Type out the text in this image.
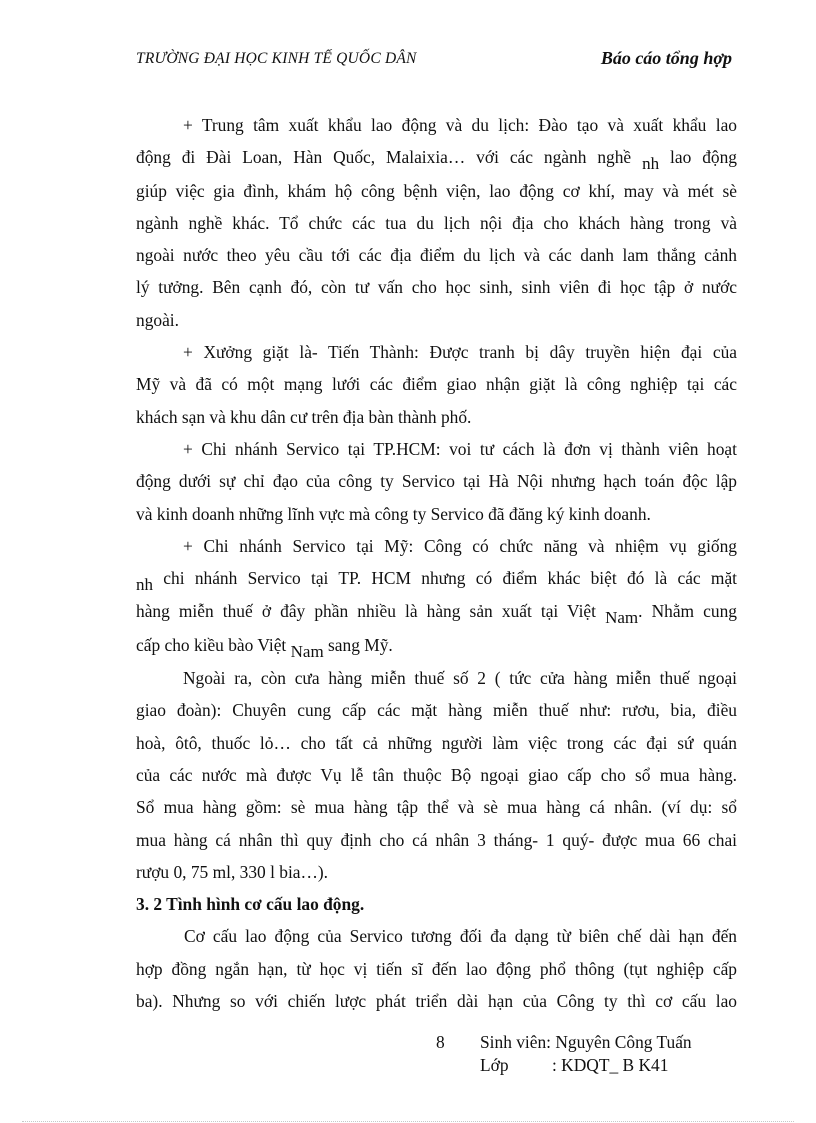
TRƯỜNG ĐẠI HỌC KINH TẾ QUỐC DÂN	Báo cáo tổng hợp
+ Trung tâm xuất khẩu lao động và du lịch: Đào tạo và xuất khẩu lao
động đi Đài Loan, Hàn Quốc, Malaixia… với các ngành nghề nh lao động
giúp việc gia đình, khám hộ công bệnh viện, lao động cơ khí, may và mét sè
ngành nghề khác. Tổ chức các tua du lịch nội địa cho khách hàng trong và
ngoài nước theo yêu cầu tới các địa điểm du lịch và các danh lam thắng cảnh
lý tưởng. Bên cạnh đó, còn tư vấn cho học sinh, sinh viên đi học tập ở nước
ngoài.
+ Xưởng giặt là- Tiến Thành: Được tranh bị dây truyền hiện đại của
Mỹ và đã có một mạng lưới các điểm giao nhận giặt là công nghiệp tại các
khách sạn và khu dân cư trên địa bàn thành phố.
+ Chi nhánh Servico tại TP.HCM: voi tư cách là đơn vị thành viên hoạt
động dưới sự chỉ đạo của công ty Servico tại Hà Nội nhưng hạch toán độc lập
và kinh doanh những lĩnh vực mà công ty Servico đã đăng ký kinh doanh.
+ Chi nhánh Servico tại Mỹ: Công có chức năng và nhiệm vụ giống
nh chi nhánh Servico tại TP. HCM nhưng có điểm khác biệt đó là các mặt
hàng miễn thuế ở đây phần nhiều là hàng sản xuất tại Việt Nam. Nhằm cung
cấp cho kiều bào Việt Nam sang Mỹ.
Ngoài ra, còn cưa hàng miễn thuế số 2 ( tức cửa hàng miễn thuế ngoại
giao đoàn): Chuyên cung cấp các mặt hàng miễn thuế như: rươu, bia, điều
hoà, ôtô, thuốc lỏ… cho tất cả những người làm việc trong các đại sứ quán
của các nước mà được Vụ lễ tân thuộc Bộ ngoại giao cấp cho sổ mua hàng.
Sổ mua hàng gồm: sè mua hàng tập thể và sè mua hàng cá nhân. (ví dụ: sổ
mua hàng cá nhân thì quy định cho cá nhân 3 tháng- 1 quý- được mua 66 chai
rượu 0, 75 ml, 330 l bia…).
3. 2 Tình hình cơ cấu lao động.
Cơ cấu lao động của Servico tương đối đa dạng từ biên chế dài hạn đến
hợp đồng ngắn hạn, từ học vị tiến sĩ đến lao động phổ thông (tụt nghiệp cấp
ba). Nhưng so với chiến lược phát triển dài hạn của Công ty thì cơ cấu lao
8 Sinh viên: Nguyên Công Tuấn
Lớp : KDQT_ B K41
